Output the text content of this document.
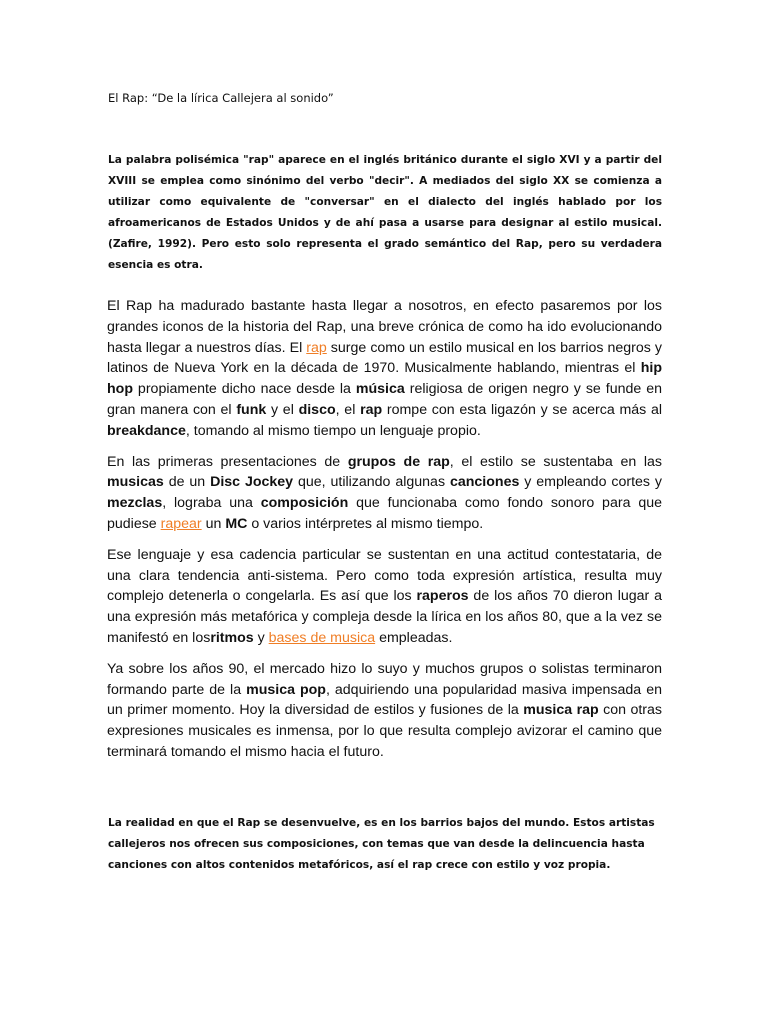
El Rap: “De la lírica Callejera al sonido”

La palabra polisémica "rap" aparece en el inglés británico durante el siglo XVI y a partir del XVIII se emplea como sinónimo del verbo "decir". A mediados del siglo XX se comienza a utilizar como equivalente de "conversar" en el dialecto del inglés hablado por los afroamericanos de Estados Unidos y de ahí pasa a usarse para designar al estilo musical. (Zafire, 1992). Pero esto solo representa el grado semántico del Rap, pero su verdadera esencia es otra.

El Rap ha madurado bastante hasta llegar a nosotros, en efecto pasaremos por los grandes iconos de la historia del Rap, una breve crónica de como ha ido evolucionando hasta llegar a nuestros días. El rap surge como un estilo musical en los barrios negros y latinos de Nueva York en la década de 1970. Musicalmente hablando, mientras el hip hop propiamente dicho nace desde la música religiosa de origen negro y se funde en gran manera con el funk y el disco, el rap rompe con esta ligazón y se acerca más al breakdance, tomando al mismo tiempo un lenguaje propio.

En las primeras presentaciones de grupos de rap, el estilo se sustentaba en las musicas de un Disc Jockey que, utilizando algunas canciones y empleando cortes y mezclas, lograba una composición que funcionaba como fondo sonoro para que pudiese rapear un MC o varios intérpretes al mismo tiempo.

Ese lenguaje y esa cadencia particular se sustentan en una actitud contestataria, de una clara tendencia anti-sistema. Pero como toda expresión artística, resulta muy complejo detenerla o congelarla. Es así que los raperos de los años 70 dieron lugar a una expresión más metafórica y compleja desde la lírica en los años 80, que a la vez se manifestó en losritmos y bases de musica empleadas.

Ya sobre los años 90, el mercado hizo lo suyo y muchos grupos o solistas terminaron formando parte de la musica pop, adquiriendo una popularidad masiva impensada en un primer momento. Hoy la diversidad de estilos y fusiones de la musica rap con otras expresiones musicales es inmensa, por lo que resulta complejo avizorar el camino que terminará tomando el mismo hacia el futuro.

La realidad en que el Rap se desenvuelve, es en los barrios bajos del mundo. Estos artistas callejeros nos ofrecen sus composiciones, con temas que van desde la delincuencia hasta canciones con altos contenidos metafóricos, así el rap crece con estilo y voz propia.
